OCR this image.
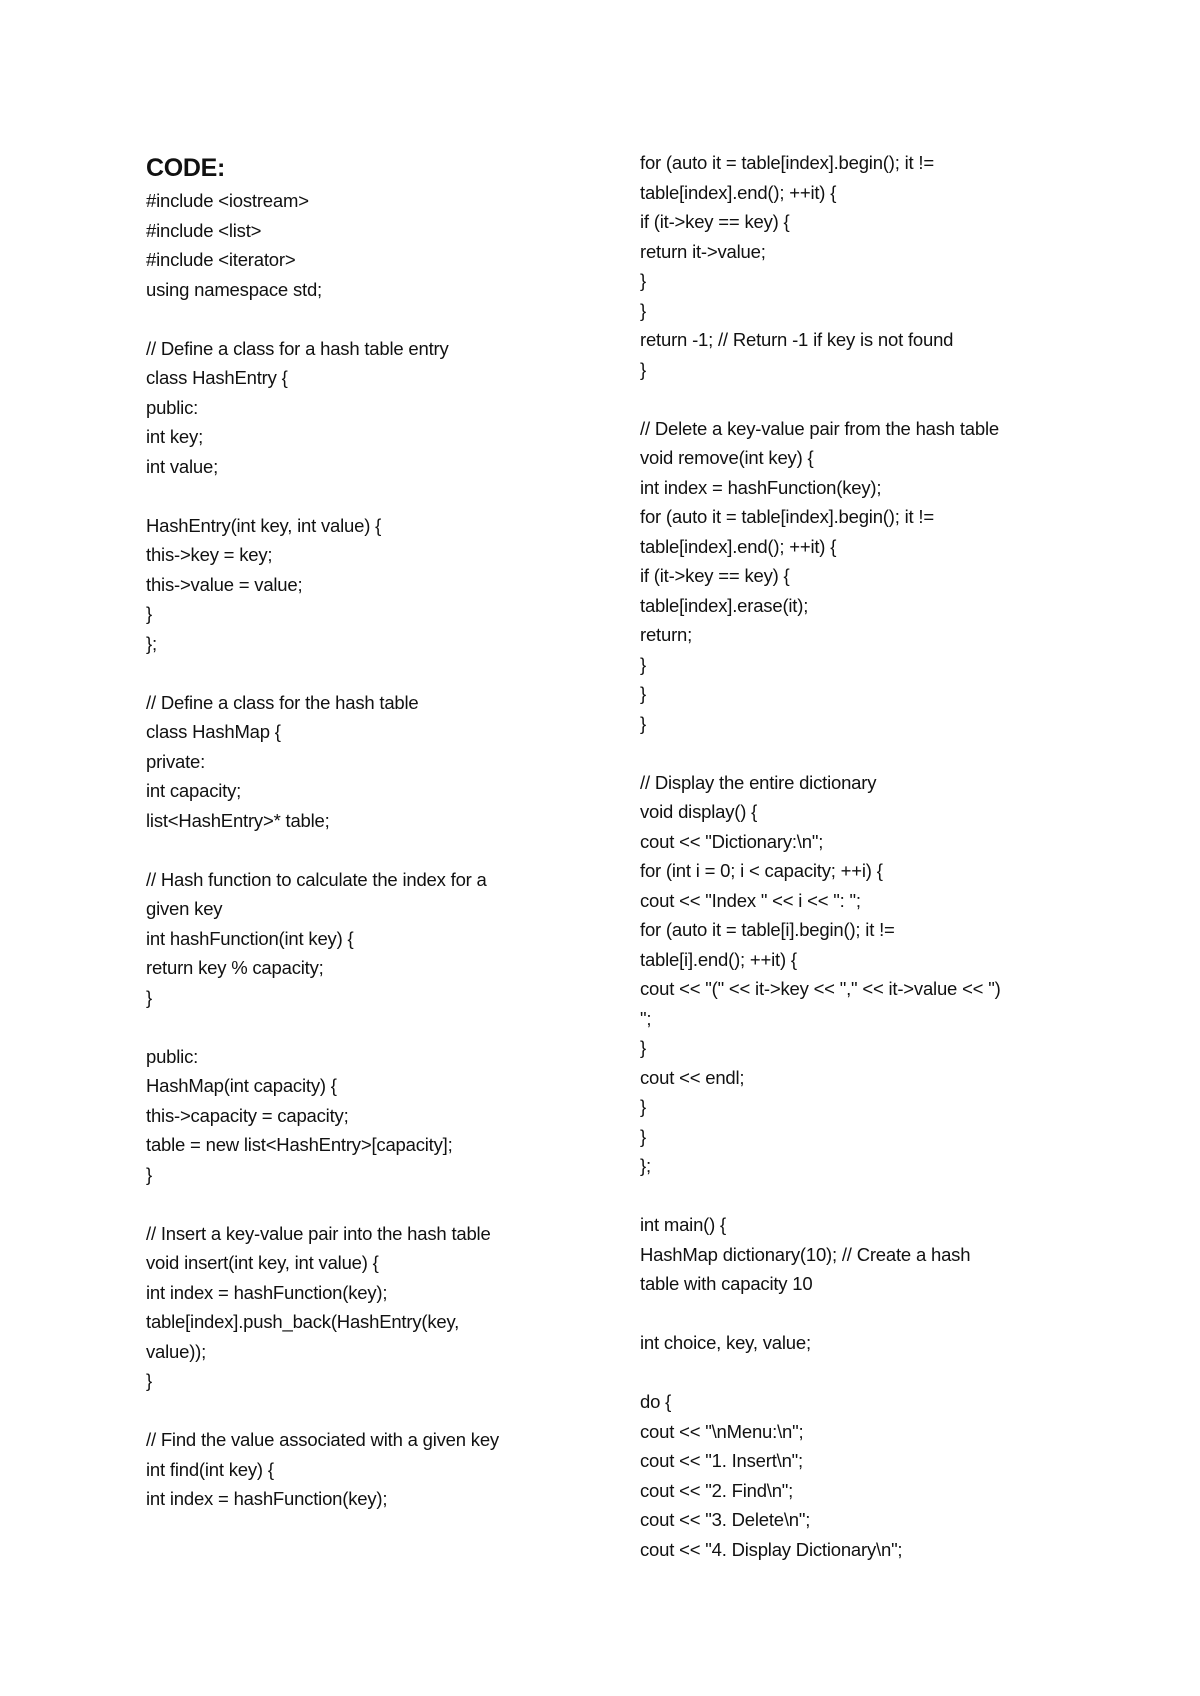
CODE:
#include <iostream>
#include <list>
#include <iterator>
using namespace std;
// Define a class for a hash table entry
class HashEntry {
public:
int key;
int value;
HashEntry(int key, int value) {
this->key = key;
this->value = value;
}
};
// Define a class for the hash table
class HashMap {
private:
int capacity;
list<HashEntry>* table;
// Hash function to calculate the index for a
given key
int hashFunction(int key) {
return key % capacity;
}
public:
HashMap(int capacity) {
this->capacity = capacity;
table = new list<HashEntry>[capacity];
}
// Insert a key-value pair into the hash table
void insert(int key, int value) {
int index = hashFunction(key);
table[index].push_back(HashEntry(key,
value));
}
// Find the value associated with a given key
int find(int key) {
int index = hashFunction(key);
for (auto it = table[index].begin(); it !=
table[index].end(); ++it) {
if (it->key == key) {
return it->value;
}
}
return -1; // Return -1 if key is not found
}
// Delete a key-value pair from the hash table
void remove(int key) {
int index = hashFunction(key);
for (auto it = table[index].begin(); it !=
table[index].end(); ++it) {
if (it->key == key) {
table[index].erase(it);
return;
}
}
}
// Display the entire dictionary
void display() {
cout << "Dictionary:\n";
for (int i = 0; i < capacity; ++i) {
cout << "Index " << i << ": ";
for (auto it = table[i].begin(); it !=
table[i].end(); ++it) {
cout << "(" << it->key << "," << it->value << ")
";
}
cout << endl;
}
}
};
int main() {
HashMap dictionary(10); // Create a hash
table with capacity 10
int choice, key, value;
do {
cout << "\nMenu:\n";
cout << "1. Insert\n";
cout << "2. Find\n";
cout << "3. Delete\n";
cout << "4. Display Dictionary\n";
